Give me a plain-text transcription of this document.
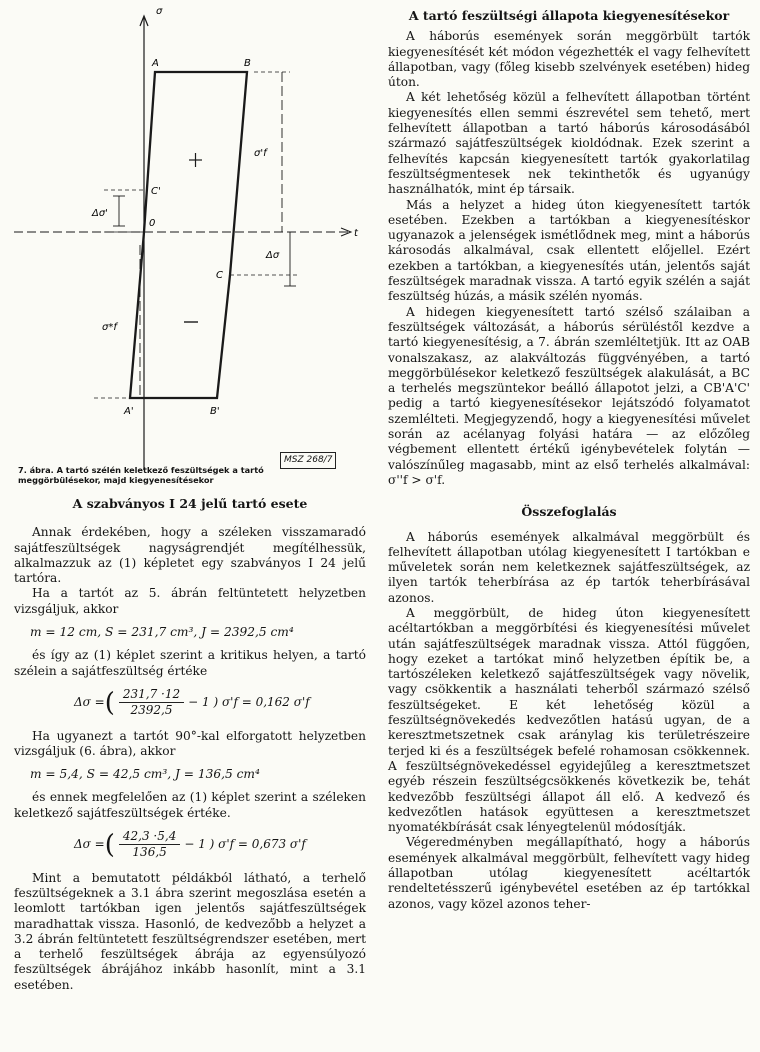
σ
t
A	B
C'
0
C
A'	B'
Δσ'
Δσ
σ'f
σ*f
MSZ 268/7
7. ábra. A tartó szélén keletkező feszültségek a tartó meggörbülésekor, majd kiegyenesítésekor
A szabványos I 24 jelű tartó esete

Annak érdekében, hogy a széleken visszamaradó sajátfeszültségek nagyságrendjét megítélhessük, alkalmazzuk az (1) képletet egy szabványos I 24 jelű tartóra.

Ha a tartót az 5. ábrán feltüntetett helyzetben vizsgáljuk, akkor

m = 12 cm, S = 231,7 cm³, J = 2392,5 cm⁴

és így az (1) képlet szerint a kritikus helyen, a tartó szélein a sajátfeszültség értéke

Δσ = ( $\frac{231,7 \cdot 12}{2392,5} - 1$ ) σ'f = 0,162 σ'f

Ha ugyanezt a tartót 90°-kal elforgatott helyzetben vizsgáljuk (6. ábra), akkor

m = 5,4, S = 42,5 cm³, J = 136,5 cm⁴

és ennek megfelelően az (1) képlet szerint a széleken keletkező sajátfeszültségek értéke.

Δσ = ( $\frac{42,3 \cdot 5,4}{136,5} - 1$ ) σ'f = 0,673 σ'f

Mint a bemutatott példákból látható, a terhelő feszültségeknek a 3.1 ábra szerint megoszlása esetén a leomlott tartókban igen jelentős sajátfeszültségek maradhattak vissza. Hasonló, de kedvezőbb a helyzet a 3.2 ábrán feltüntetett feszültségrendszer esetében, mert a terhelő feszültségek ábrája az egyensúlyozó feszültségek ábrájához inkább hasonlít, mint a 3.1 esetében.

A tartó feszültségi állapota kiegyenesítésekor

A háborús események során meggörbült tartók kiegyenesítését két módon végezhették el vagy felhevített állapotban, vagy (főleg kisebb szelvények esetében) hideg úton.

A két lehetőség közül a felhevített állapotban történt kiegyenesítés ellen semmi észrevétel sem tehető, mert felhevített állapotban a tartó háborús károsodásából származó sajátfeszültségek kioldódnak. Ezek szerint a felhevítés kapcsán kiegyenesített tartók gyakorlatilag feszültségmentesek nek tekinthetők és ugyanúgy használhatók, mint ép társaik.

Más a helyzet a hideg úton kiegyenesített tartók esetében. Ezekben a tartókban a kiegyenesítéskor ugyanazok a jelenségek ismétlődnek meg, mint a háborús károsodás alkalmával, csak ellentett előjellel. Ezért ezekben a tartókban, a kiegyenesítés után, jelentős saját feszültségek maradnak vissza. A tartó egyik szélén a saját feszültség húzás, a másik szélén nyomás.

A hidegen kiegyenesített tartó szélső szálaiban a feszültségek változását, a háborús sérüléstől kezdve a tartó kiegyenesítésig, a 7. ábrán szemléltetjük. Itt az OAB vonalszakasz, az alakváltozás függvényében, a tartó meggörbülésekor keletkező feszültségek alakulását, a BC a terhelés megszüntekor beálló állapotot jelzi, a CB'A'C' pedig a tartó kiegyenesítésekor lejátszódó folyamatot szemlélteti. Megjegyzendő, hogy a kiegyenesítési művelet során az acélanyag folyási határa — az előzőleg végbement ellentett értékű igénybevételek folytán — valószínűleg magasabb, mint az első terhelés alkalmával: σ''f > σ'f.

Összefoglalás

A háborús események alkalmával meggörbült és felhevített állapotban utólag kiegyenesített I tartókban e műveletek során nem keletkeznek sajátfeszültségek, az ilyen tartók teherbírása az ép tartók teherbírásával azonos.

A meggörbült, de hideg úton kiegyenesített acéltartókban a meggörbítési és kiegyenesítési művelet után sajátfeszültségek maradnak vissza. Attól függően, hogy ezeket a tartókat minő helyzetben építik be, a tartószéleken keletkező sajátfeszültségek vagy növelik, vagy csökkentik a használati teherből származó szélső feszültségeket. E két lehetőség közül a feszültségnövekedés kedvezőtlen hatású ugyan, de a keresztmetszetnek csak aránylag kis területrészeire terjed ki és a feszültségek befelé rohamosan csökkennek. A feszültségnövekedéssel egyidejűleg a keresztmetszet egyéb részein feszültségcsökkenés következik be, tehát kedvezőbb feszültségi állapot áll elő. A kedvező és kedvezőtlen hatások együttesen a keresztmetszet nyomatékbírását csak lényegtelenül módosítják.

Végeredményben megállapítható, hogy a háborús események alkalmával meggörbült, felhevített vagy hideg állapotban utólag kiegyenesített acéltartók rendeltetésszerű igénybevétel esetében az ép tartókkal azonos, vagy közel azonos teher-
